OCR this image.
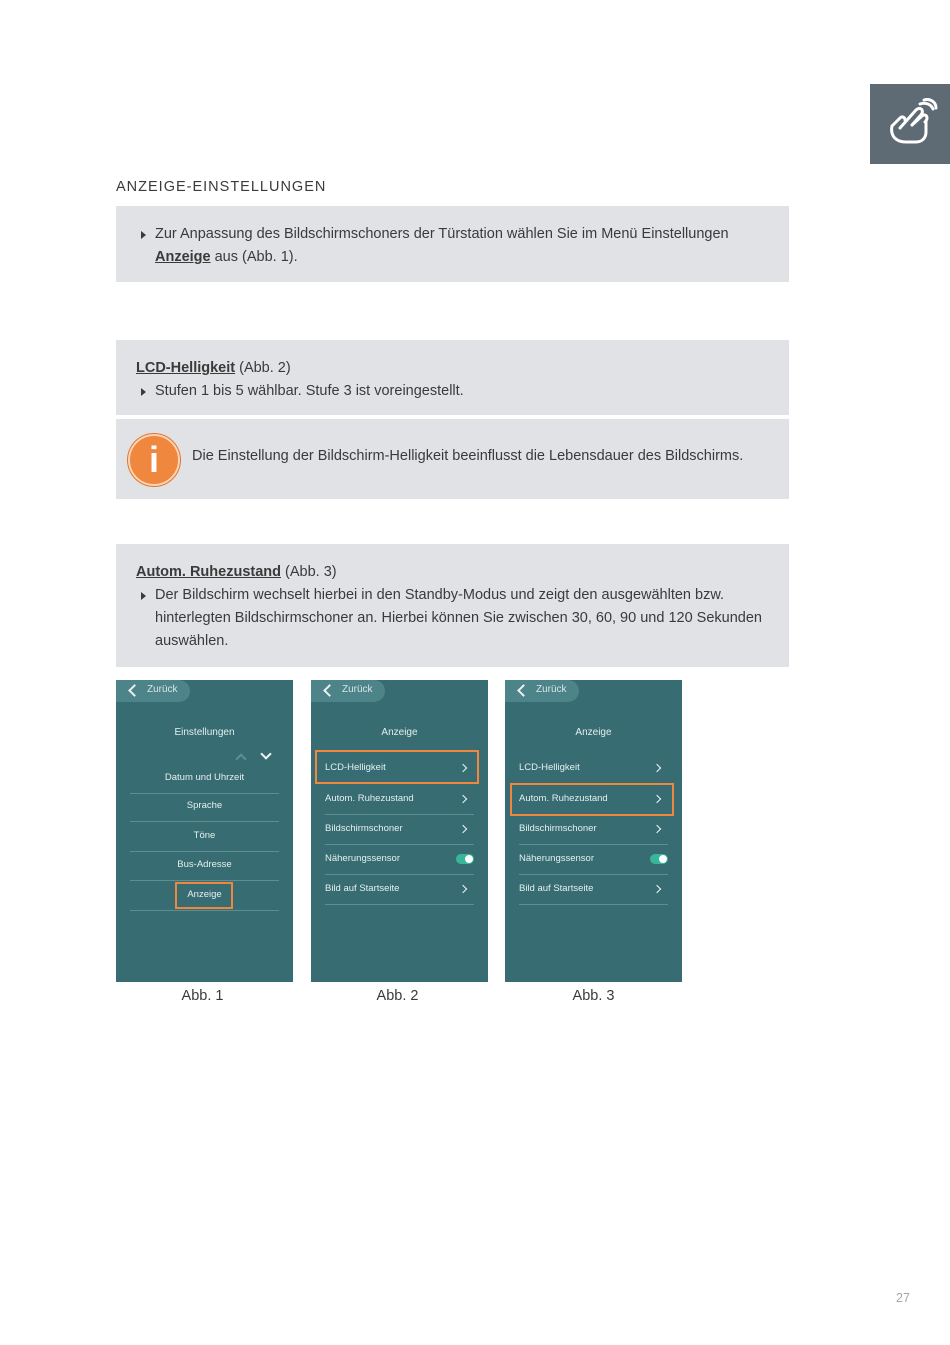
ANZEIGE-EINSTELLUNGEN

Zur Anpassung des Bildschirmschoners der Türstation wählen Sie im Menü Einstellungen Anzeige aus (Abb. 1).

LCD-Helligkeit (Abb. 2)

Stufen 1 bis 5 wählbar. Stufe 3 ist voreingestellt.

i	Die Einstellung der Bildschirm-Helligkeit beeinflusst die Lebensdauer des Bildschirms.

Autom. Ruhezustand (Abb. 3)

Der Bildschirm wechselt hierbei in den Standby-Modus und zeigt den ausgewählten bzw. hinterlegten Bildschirmschoner an. Hierbei können Sie zwischen 30, 60, 90 und 120 Sekunden auswählen.

Zurück
Einstellungen
Datum und Uhrzeit
Sprache
Töne
Bus-Adresse
Anzeige
Abb. 1
Zurück
Anzeige
LCD-Helligkeit
Autom. Ruhezustand
Bildschirmschoner
Näherungssensor
Bild auf Startseite
Abb. 2
Zurück
Anzeige
LCD-Helligkeit
Autom. Ruhezustand
Bildschirmschoner
Näherungssensor
Bild auf Startseite
Abb. 3
27
